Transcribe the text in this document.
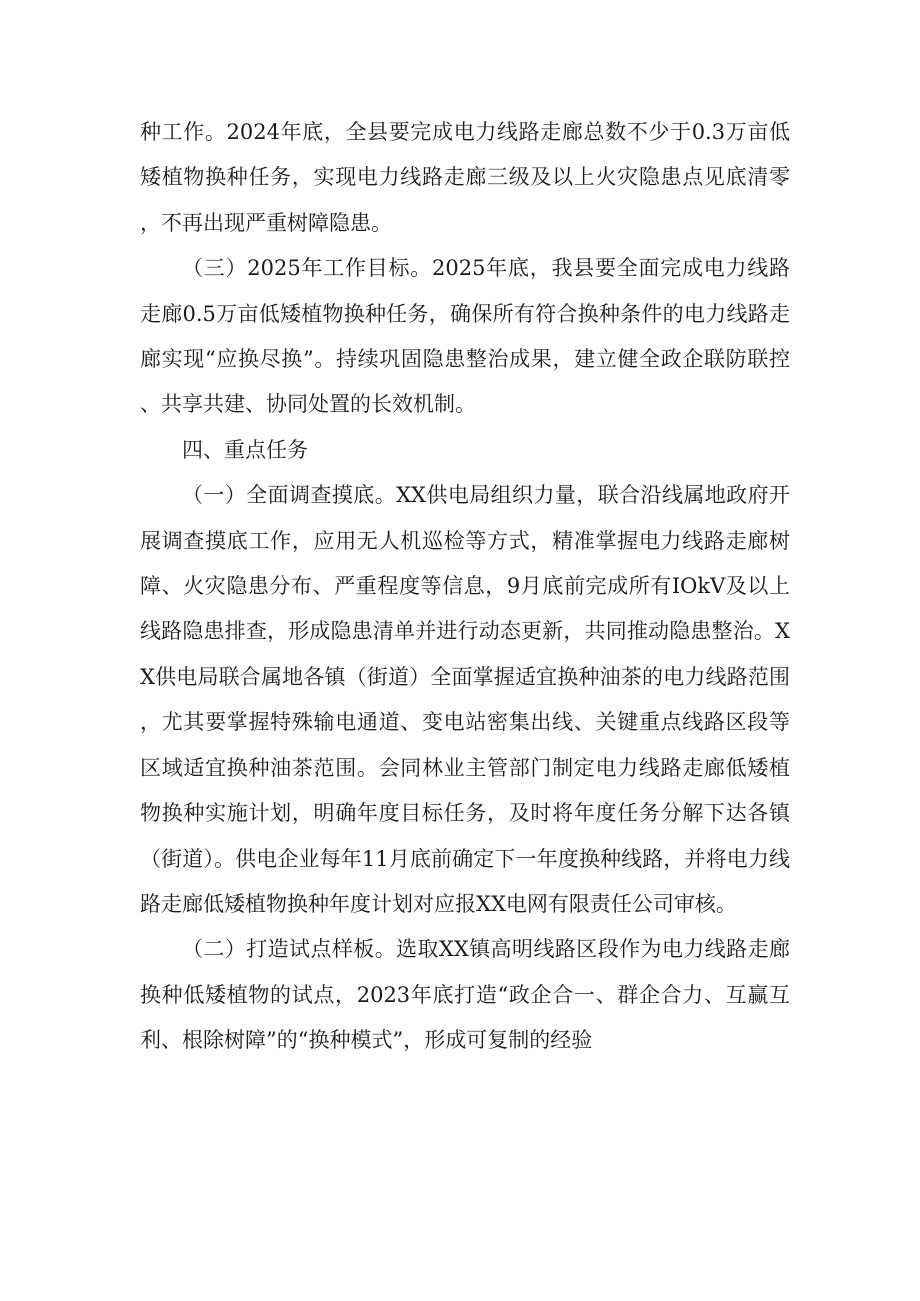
种工作。2024年底，全县要完成电力线路走廊总数不少于0.3万亩低矮植物换种任务，实现电力线路走廊三级及以上火灾隐患点见底清零，不再出现严重树障隐患。

（三）2025年工作目标。2025年底，我县要全面完成电力线路走廊0.5万亩低矮植物换种任务，确保所有符合换种条件的电力线路走廊实现“应换尽换”。持续巩固隐患整治成果，建立健全政企联防联控、共享共建、协同处置的长效机制。

四、重点任务

（一）全面调查摸底。XX供电局组织力量，联合沿线属地政府开展调查摸底工作，应用无人机巡检等方式，精准掌握电力线路走廊树障、火灾隐患分布、严重程度等信息，9月底前完成所有IOkV及以上线路隐患排查，形成隐患清单并进行动态更新，共同推动隐患整治。XX供电局联合属地各镇（街道）全面掌握适宜换种油茶的电力线路范围，尤其要掌握特殊输电通道、变电站密集出线、关键重点线路区段等区域适宜换种油茶范围。会同林业主管部门制定电力线路走廊低矮植物换种实施计划，明确年度目标任务，及时将年度任务分解下达各镇（街道）。供电企业每年11月底前确定下一年度换种线路，并将电力线路走廊低矮植物换种年度计划对应报XX电网有限责任公司审核。

（二）打造试点样板。选取XX镇高明线路区段作为电力线路走廊换种低矮植物的试点，2023年底打造“政企合一、群企合力、互赢互利、根除树障”的“换种模式”，形成可复制的经验
